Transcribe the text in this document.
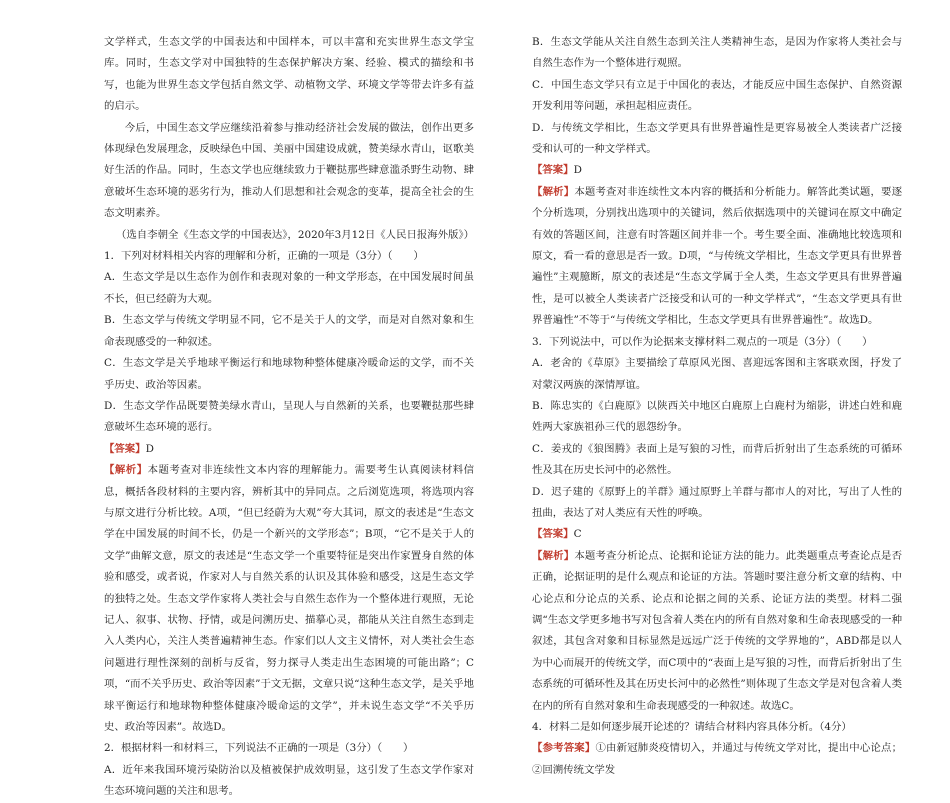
文学样式，生态文学的中国表达和中国样本，可以丰富和充实世界生态文学宝库。同时，生态文学对中国独特的生态保护解决方案、经验、模式的描绘和书写，也能为世界生态文学包括自然文学、动植物文学、环境文学等带去许多有益的启示。

今后，中国生态文学应继续沿着参与推动经济社会发展的做法，创作出更多体现绿色发展理念，反映绿色中国、美丽中国建设成就，赞美绿水青山，讴歌美好生活的作品。同时，生态文学也应继续致力于鞭挞那些肆意滥杀野生动物、肆意破坏生态环境的恶劣行为，推动人们思想和社会观念的变革，提高全社会的生态文明素养。

（选自李朝全《生态文学的中国表达》，2020年3月12日《人民日报海外版》）

1．下列对材料相关内容的理解和分析，正确的一项是（3分）（　　）

A．生态文学是以生态作为创作和表现对象的一种文学形态，在中国发展时间虽不长，但已经蔚为大观。

B．生态文学与传统文学明显不同，它不是关于人的文学，而是对自然对象和生命表现感受的一种叙述。

C．生态文学是关乎地球平衡运行和地球物种整体健康冷暖命运的文学，而不关乎历史、政治等因素。

D．生态文学作品既要赞美绿水青山，呈现人与自然新的关系，也要鞭挞那些肆意破坏生态环境的恶行。

【答案】D

【解析】本题考查对非连续性文本内容的理解能力。需要考生认真阅读材料信息，概括各段材料的主要内容，辨析其中的异同点。之后浏览选项，将选项内容与原文进行分析比较。A项，“但已经蔚为大观”夸大其词，原文的表述是“生态文学在中国发展的时间不长，仍是一个新兴的文学形态”；B项，“它不是关于人的文学”曲解文意，原文的表述是“生态文学一个重要特征是突出作家置身自然的体验和感受，或者说，作家对人与自然关系的认识及其体验和感受，这是生态文学的独特之处。生态文学作家将人类社会与自然生态作为一个整体进行观照，无论记人、叙事、状物、抒情，或是问溯历史、描摹心灵，都能从关注自然生态到走入人类内心，关注人类普遍精神生态。作家们以人文主义情怀，对人类社会生态问题进行理性深刻的剖析与反省，努力探寻人类走出生态困境的可能出路”；C项，“而不关乎历史、政治等因素”于文无据，文章只说“这种生态文学，是关乎地球平衡运行和地球物种整体健康冷暖命运的文学”，并未说生态文学“不关乎历史、政治等因素”。故选D。

2．根据材料一和材料三，下列说法不正确的一项是（3分）（　　）

A．近年来我国环境污染防治以及植被保护成效明显，这引发了生态文学作家对生态环境问题的关注和思考。

B．生态文学能从关注自然生态到关注人类精神生态，是因为作家将人类社会与自然生态作为一个整体进行观照。

C．中国生态文学只有立足于中国化的表达，才能反应中国生态保护、自然资源开发利用等问题，承担起相应责任。

D．与传统文学相比，生态文学更具有世界普遍性是更容易被全人类读者广泛接受和认可的一种文学样式。

【答案】D

【解析】本题考查对非连续性文本内容的概括和分析能力。解答此类试题，要逐个分析选项，分别找出选项中的关键词，然后依据选项中的关键词在原文中确定有效的答题区间，注意有时答题区间并非一个。考生要全面、准确地比较选项和原文，看一看的意思是否一致。D项，“与传统文学相比，生态文学更具有世界普遍性”主观臆断，原文的表述是“生态文学属于全人类，生态文学更具有世界普遍性，是可以被全人类读者广泛接受和认可的一种文学样式”，“生态文学更具有世界普遍性”不等于“与传统文学相比，生态文学更具有世界普遍性”。故选D。

3．下列说法中，可以作为论据来支撑材料二观点的一项是（3分）（　　）

A．老舍的《草原》主要描绘了草原风光图、喜迎远客图和主客联欢图，抒发了对蒙汉两族的深情厚谊。

B．陈忠实的《白鹿原》以陕西关中地区白鹿原上白鹿村为缩影，讲述白姓和鹿姓两大家族祖孙三代的恩怨纷争。

C．姜戎的《狼图腾》表面上是写狼的习性，而背后折射出了生态系统的可循环性及其在历史长河中的必然性。

D．迟子建的《原野上的羊群》通过原野上羊群与都市人的对比，写出了人性的扭曲，表达了对人类应有天性的呼唤。

【答案】C

【解析】本题考查分析论点、论据和论证方法的能力。此类题重点考查论点是否正确，论据证明的是什么观点和论证的方法。答题时要注意分析文章的结构、中心论点和分论点的关系、论点和论据之间的关系、论证方法的类型。材料二强调“生态文学更多地书写对包含着人类在内的所有自然对象和生命表现感受的一种叙述，其包含对象和目标显然是远远广泛于传统的文学界地的”，ABD都是以人为中心而展开的传统文学，而C项中的“表面上是写狼的习性，而背后折射出了生态系统的可循环性及其在历史长河中的必然性”则体现了生态文学是对包含着人类在内的所有自然对象和生命表现感受的一种叙述。故选C。

4．材料二是如何逐步展开论述的？请结合材料内容具体分析。（4分）

【参考答案】①由新冠肺炎疫情切入，并通过与传统文学对比，提出中心论点；②回溯传统文学发
